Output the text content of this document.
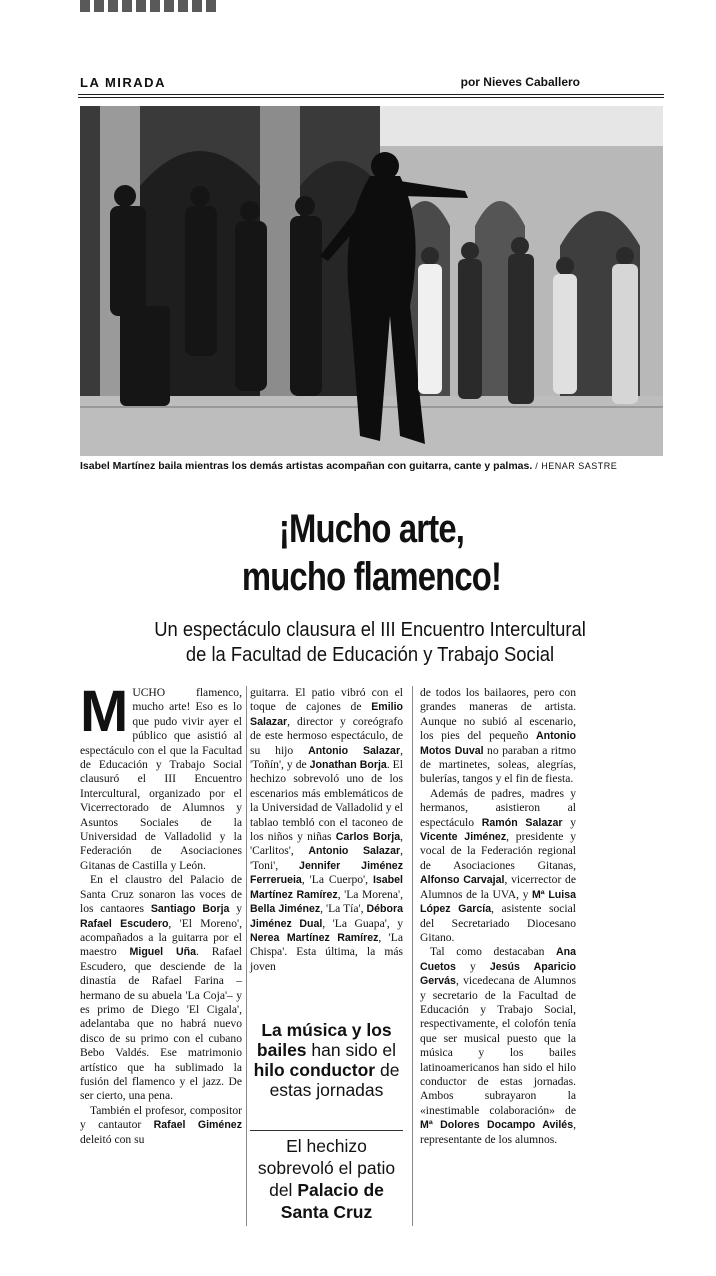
LA MIRADA	por Nieves Caballero
Isabel Martínez baila mientras los demás artistas acompañan con guitarra, cante y palmas. / HENAR SASTRE
¡Mucho arte,
mucho flamenco!
Un espectáculo clausura el III Encuentro Intercultural
de la Facultad de Educación y Trabajo Social

MUCHO flamenco, mucho arte! Eso es lo que pudo vivir ayer el público que asistió al espectáculo con el que la Facultad de Educación y Trabajo Social clausuró el III Encuentro Intercultural, organizado por el Vicerrectorado de Alumnos y Asuntos Sociales de la Universidad de Valladolid y la Federación de Asociaciones Gitanas de Castilla y León.

En el claustro del Palacio de Santa Cruz sonaron las voces de los cantaores Santiago Borja y Rafael Escudero, 'El Moreno', acompañados a la guitarra por el maestro Miguel Uña. Rafael Escudero, que desciende de la dinastía de Rafael Farina –hermano de su abuela 'La Coja'– y es primo de Diego 'El Cigala', adelantaba que no habrá nuevo disco de su primo con el cubano Bebo Valdés. Ese matrimonio artístico que ha sublimado la fusión del flamenco y el jazz. De ser cierto, una pena.

También el profesor, compositor y cantautor Rafael Giménez deleitó con su

guitarra. El patio vibró con el toque de cajones de Emilio Salazar, director y coreógrafo de este hermoso espectáculo, de su hijo Antonio Salazar, 'Toñín', y de Jonathan Borja. El hechizo sobrevoló uno de los escenarios más emblemáticos de la Universidad de Valladolid y el tablao tembló con el taconeo de los niños y niñas Carlos Borja, 'Carlitos', Antonio Salazar, 'Toni', Jennifer Jiménez Ferrerueia, 'La Cuerpo', Isabel Martínez Ramírez, 'La Morena', Bella Jiménez, 'La Tía', Débora Jiménez Dual, 'La Guapa', y Nerea Martínez Ramírez, 'La Chispa'. Esta última, la más joven

La música y los bailes han sido el hilo conductor de estas jornadas
El hechizo sobrevoló el patio del Palacio de Santa Cruz

de todos los bailaores, pero con grandes maneras de artista. Aunque no subió al escenario, los pies del pequeño Antonio Motos Duval no paraban a ritmo de martinetes, soleas, alegrías, bulerías, tangos y el fin de fiesta.

Además de padres, madres y hermanos, asistieron al espectáculo Ramón Salazar y Vicente Jiménez, presidente y vocal de la Federación regional de Asociaciones Gitanas, Alfonso Carvajal, vicerrector de Alumnos de la UVA, y Mª Luisa López García, asistente social del Secretariado Diocesano Gitano.

Tal como destacaban Ana Cuetos y Jesús Aparicio Gervás, vicedecana de Alumnos y secretario de la Facultad de Educación y Trabajo Social, respectivamente, el colofón tenía que ser musical puesto que la música y los bailes latinoamericanos han sido el hilo conductor de estas jornadas. Ambos subrayaron la «inestimable colaboración» de Mª Dolores Docampo Avilés, representante de los alumnos.
